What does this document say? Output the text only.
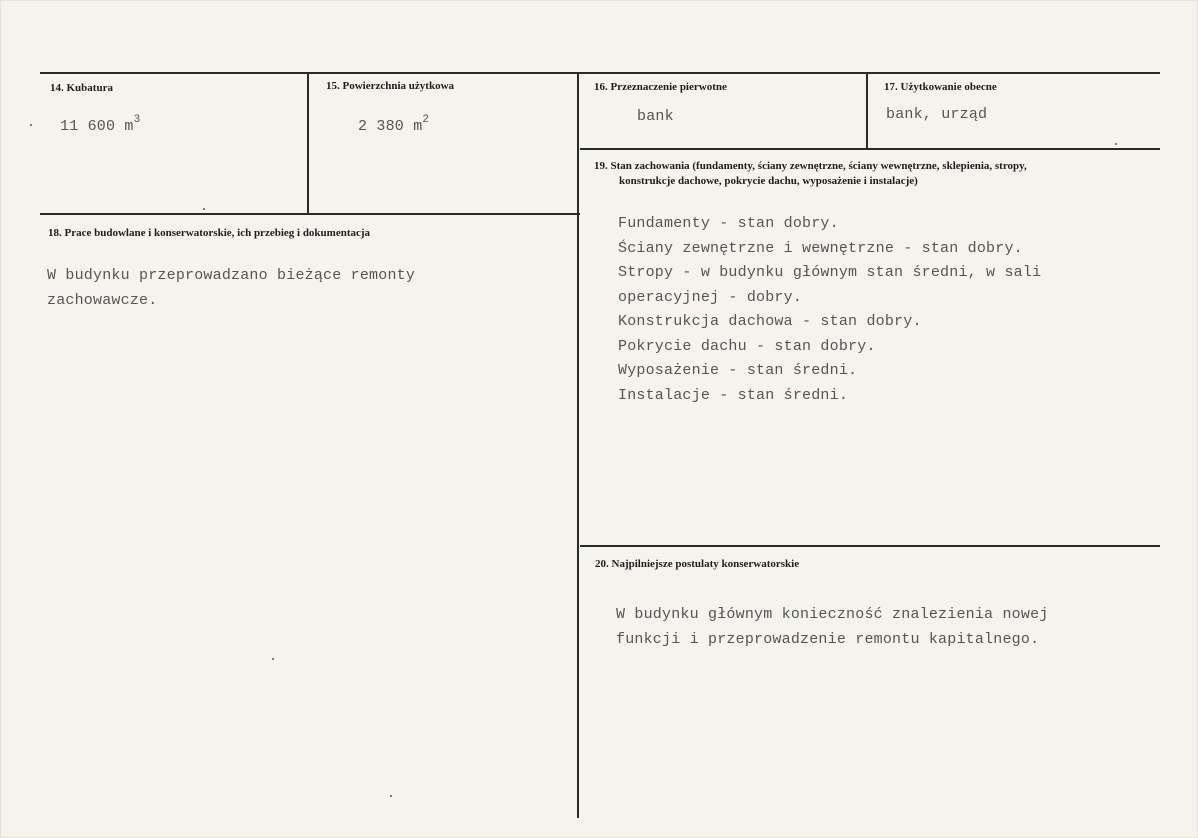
14. Kubatura
11 600 $m^3$
15. Powierzchnia użytkowa
2 380 $m^2$
16. Przeznaczenie pierwotne
bank
17. Użytkowanie obecne
bank, urząd
18. Prace budowlane i konserwatorskie, ich przebieg i dokumentacja
W budynku przeprowadzano bieżące remonty
zachowawcze.
19. Stan zachowania (fundamenty, ściany zewnętrzne, ściany wewnętrzne, sklepienia, stropy,
konstrukcje dachowe, pokrycie dachu, wyposażenie i instalacje)
Fundamenty - stan dobry.
Ściany zewnętrzne i wewnętrzne - stan dobry.
Stropy - w budynku głównym stan średni, w sali
operacyjnej - dobry.
Konstrukcja dachowa - stan dobry.
Pokrycie dachu - stan dobry.
Wyposażenie - stan średni.
Instalacje - stan średni.
20. Najpilniejsze postulaty konserwatorskie
W budynku głównym konieczność znalezienia nowej
funkcji i przeprowadzenie remontu kapitalnego.
